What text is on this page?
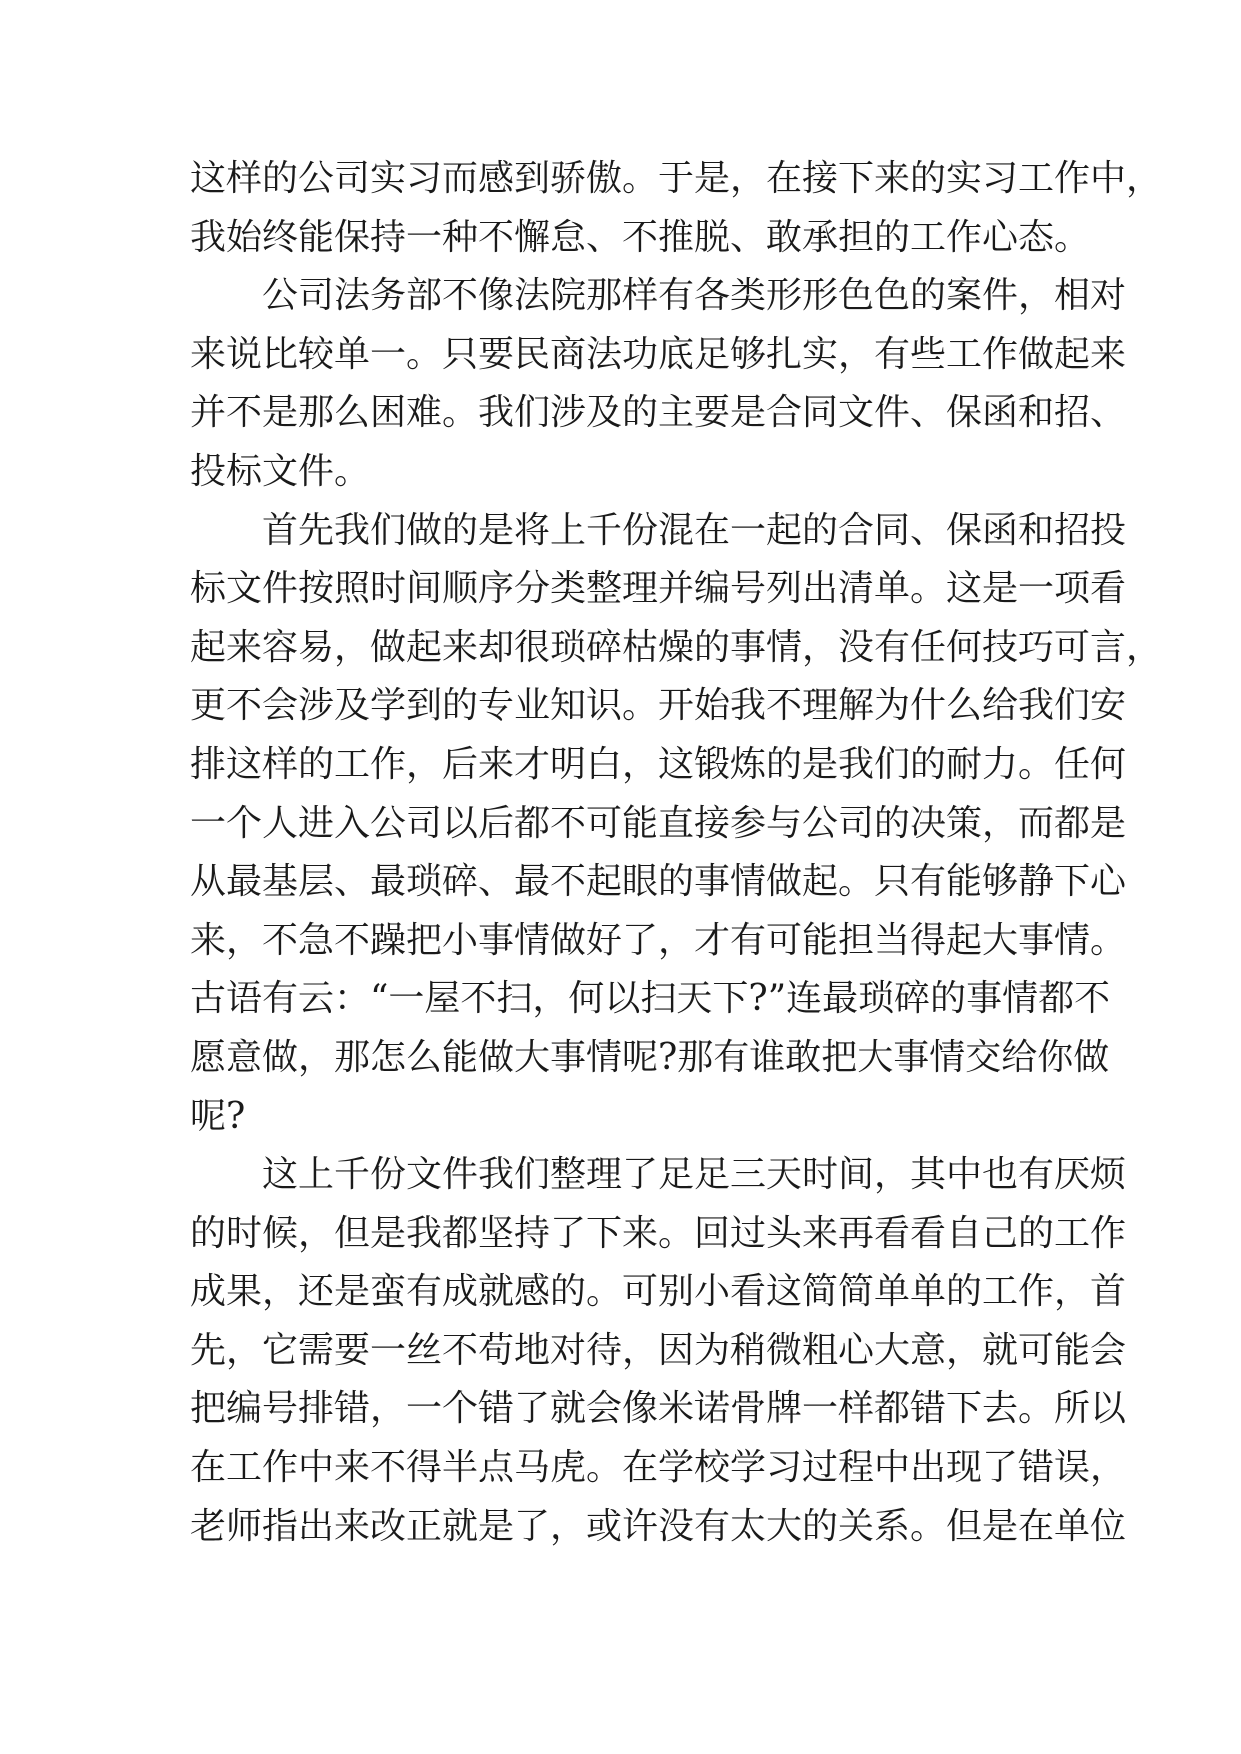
这样的公司实习而感到骄傲。于是，在接下来的实习工作中，
我始终能保持一种不懈怠、不推脱、敢承担的工作心态。
公司法务部不像法院那样有各类形形色色的案件，相对
来说比较单一。只要民商法功底足够扎实，有些工作做起来
并不是那么困难。我们涉及的主要是合同文件、保函和招、
投标文件。
首先我们做的是将上千份混在一起的合同、保函和招投
标文件按照时间顺序分类整理并编号列出清单。这是一项看
起来容易，做起来却很琐碎枯燥的事情，没有任何技巧可言，
更不会涉及学到的专业知识。开始我不理解为什么给我们安
排这样的工作，后来才明白，这锻炼的是我们的耐力。任何
一个人进入公司以后都不可能直接参与公司的决策，而都是
从最基层、最琐碎、最不起眼的事情做起。只有能够静下心
来，不急不躁把小事情做好了，才有可能担当得起大事情。
古语有云：“一屋不扫，何以扫天下?”连最琐碎的事情都不
愿意做，那怎么能做大事情呢?那有谁敢把大事情交给你做
呢?
这上千份文件我们整理了足足三天时间，其中也有厌烦
的时候，但是我都坚持了下来。回过头来再看看自己的工作
成果，还是蛮有成就感的。可别小看这简简单单的工作，首
先，它需要一丝不苟地对待，因为稍微粗心大意，就可能会
把编号排错，一个错了就会像米诺骨牌一样都错下去。所以
在工作中来不得半点马虎。在学校学习过程中出现了错误，
老师指出来改正就是了，或许没有太大的关系。但是在单位
